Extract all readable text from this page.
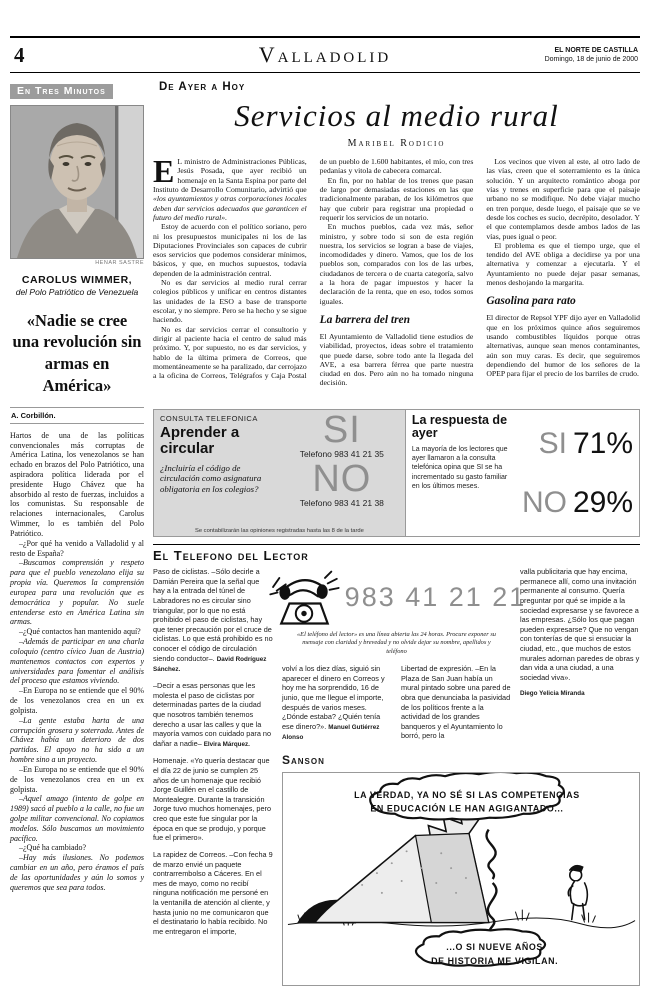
4	Valladolid	EL NORTE DE CASTILLA
Domingo, 18 de junio de 2000
En Tres Minutos
HENAR SASTRE
CAROLUS WIMMER,
del Polo Patriótico de Venezuela
«Nadie se cree una revolución sin armas en América»
A. Corbillón.

Hartos de una de las políticas convencionales más corruptas de América Latina, los venezolanos se han echado en brazos del Polo Patriótico, una aspiradora política liderada por el presidente Hugo Chávez que ha absorbido al resto de fuerzas, incluidos a los comunistas. Su responsable de relaciones internacionales, Carolus Wimmer, lo es también del Polo Patriótico.

–¿Por qué ha venido a Valladolid y al resto de España?

–Buscamos comprensión y respeto para que el pueblo venezolano elija su propia vía. Queremos la comprensión europea para una revolución que es democrática y popular. No suele entenderse esto en América Latina sin armas.

–¿Qué contactos han mantenido aquí?

–Además de participar en una charla coloquio (centro cívico Juan de Austria) mantenemos contactos con expertos y universidades para fomentar el análisis del proceso que estamos viviendo.

–En Europa no se entiende que el 90% de los venezolanos crea en un ex golpista.

–La gente estaba harta de una corrupción grosera y soterrada. Antes de Chávez había un deterioro de dos partidos. El apoyo no ha sido a un hombre sino a un proyecto.

–En Europa no se entiende que el 90% de los venezolanos crea en un ex golpista.

–Aquel amago (intento de golpe en 1989) sacó al pueblo a la calle, no fue un golpe militar convencional. No copiamos modelos. Sólo buscamos un movimiento pacífico.

–¿Qué ha cambiado?

–Hay más ilusiones. No podemos cambiar en un año, pero éramos el país de las oportunidades y aún lo somos y queremos que sea para todos.

De Ayer a Hoy
Servicios al medio rural
Maribel Rodicio

E L ministro de Administraciones Públicas, Jesús Posada, que ayer recibió un homenaje en la Santa Espina por parte del Instituto de Desarrollo Comunitario, advirtió que «los ayuntamientos y otras corporaciones locales deben dar servicios adecuados que garanticen el futuro del medio rural».

Estoy de acuerdo con el político soriano, pero ni los presupuestos municipales ni los de las Diputaciones Provinciales son capaces de cubrir esos servicios que podemos considerar mínimos, básicos, y que, en muchos supuestos, todavía dependen de la administración central.

No es dar servicios al medio rural cerrar colegios públicos y unificar en centros distantes las unidades de la ESO a base de transporte escolar, y no siempre. Pero se ha hecho y se sigue haciendo.

No es dar servicios cerrar el consultorio y dirigir al paciente hacia el centro de salud más próximo. Y, por supuesto, no es dar servicios, y hablo de la última primera de Correos, que momentáneamente se ha paralizado, dar cerrojazo a la oficina de Correos, Telégrafos y Caja Postal de un pueblo de 1.600 habitantes, el mío, con tres pedanías y vitola de cabecera comarcal.

En fin, por no hablar de los trenes que pasan de largo por demasiadas estaciones en las que tradicionalmente paraban, de los kilómetros que hay que cubrir para registrar una propiedad o requerir los servicios de un notario.

En muchos pueblos, cada vez más, señor ministro, y sobre todo si son de esta región nuestra, los servicios se logran a base de viajes, incomodidades y dinero. Vamos, que los de los pueblos son, comparados con los de las urbes, ciudadanos de tercera o de cuarta categoría, salvo a la hora de pagar impuestos y hacer la declaración de la renta, que en eso, todos somos iguales.

La barrera del tren

El Ayuntamiento de Valladolid tiene estudios de viabilidad, proyectos, ideas sobre el tratamiento que puede darse, sobre todo ante la llegada del AVE, a esa barrera férrea que parte nuestra ciudad en dos. Pero aún no ha tomado ninguna decisión.

Los vecinos que viven al este, al otro lado de las vías, creen que el soterramiento es la única solución. Y un arquitecto romántico aboga por vías y trenes en superficie para que el paisaje urbano no se modifique. No debe viajar mucho en tren porque, desde luego, el paisaje que se ve desde los coches es sucio, decrépito, desolador. Y el que contemplamos desde ambos lados de las vías, pues igual o peor.

El problema es que el tiempo urge, que el tendido del AVE obliga a decidirse ya por una alternativa y comenzar a ejecutarla. Y el Ayuntamiento no puede dejar pasar semanas, menos deshojando la margarita.

Gasolina para rato

El director de Repsol YPF dijo ayer en Valladolid que en los próximos quince años seguiremos usando combustibles líquidos porque otras alternativas, aunque sean menos contaminantes, aún son muy caras. Es decir, que seguiremos dependiendo del humor de los señores de la OPEP para fijar el precio de los barriles de crudo.

CONSULTA TELEFONICA
Aprender a circular
¿Incluiría el código de circulación como asignatura obligatoria en los colegios?
SI
Telefono 983 41 21 35
NO
Telefono 983 41 21 38
Se contabilizarán las opiniones registradas hasta las 8 de la tarde
La respuesta de ayer
La mayoría de los lectores que ayer llamaron a la consulta telefónica opina que SI se ha incrementado su gasto familiar en los últimos meses.
SI 71%
NO 29%
El Telefono del Lector

Paso de ciclistas. –Sólo decirle a Damián Pereira que la señal que hay a la entrada del túnel de Labradores no es circular sino triangular, por lo que no está prohibido el paso de ciclistas, hay que tener precaución por el cruce de ciclistas. Lo que está prohibido es no conocer el código de circulación siendo conductor–. David Rodríguez Sánchez.

–Decir a esas personas que les molesta el paso de ciclistas por determinadas partes de la ciudad que nosotros también tenemos derecho a usar las calles y que la mayoría vamos con cuidado para no dañar a nadie– Elvira Márquez.

Homenaje. «Yo quería destacar que el día 22 de junio se cumplen 25 años de un homenaje que recibió Jorge Guillén en el castillo de Montealegre. Durante la transición Jorge tuvo muchos homenajes, pero creo que este fue singular por la época en que se produjo, y porque fue el primero».

La rapidez de Correos. –Con fecha 9 de marzo envié un paquete contrarrembolso a Cáceres. En el mes de mayo, como no recibí ninguna notificación me personé en la ventanilla de atención al cliente, y hasta junio no me comunicaron que el destinatario lo había recibido. No me entregaron el importe,

983 41 21 21
«El teléfono del lector» es una línea abierta las 24 horas. Procure exponer su mensaje con claridad y brevedad y no olvide dejar su nombre, apellidos y teléfono

valla publicitaria que hay encima, permanece allí, como una invitación permanente al consumo. Quería preguntar por qué se impide a la sociedad expresarse y se favorece a las empresas. ¿Sólo los que pagan pueden expresarse? Que no vengan con tonterías de que si ensuciar la ciudad, etc., que muchos de estos murales adornan paredes de obras y dan vida a una ciudad, a una sociedad viva».

Diego Yelicia Miranda

volví a los diez días, siguió sin aparecer el dinero en Correos y hoy me ha sorprendido, 16 de junio, que me llegue el importe, después de varios meses. ¿Dónde estaba? ¿Quién tenía ese dinero?». Manuel Gutiérrez Alonso

Libertad de expresión. –En la Plaza de San Juan había un mural pintado sobre una pared de obra que denunciaba la pasividad de los políticos frente a la actividad de los grandes banqueros y el Ayuntamiento lo borró, pero la

Sanson
LA VERDAD, YA NO SÉ SI LAS COMPETENCIAS
EN EDUCACIÓN LE HAN AGIGANTADO...
...O SI NUEVE AÑOS
DE HISTORIA ME VIGILAN.
